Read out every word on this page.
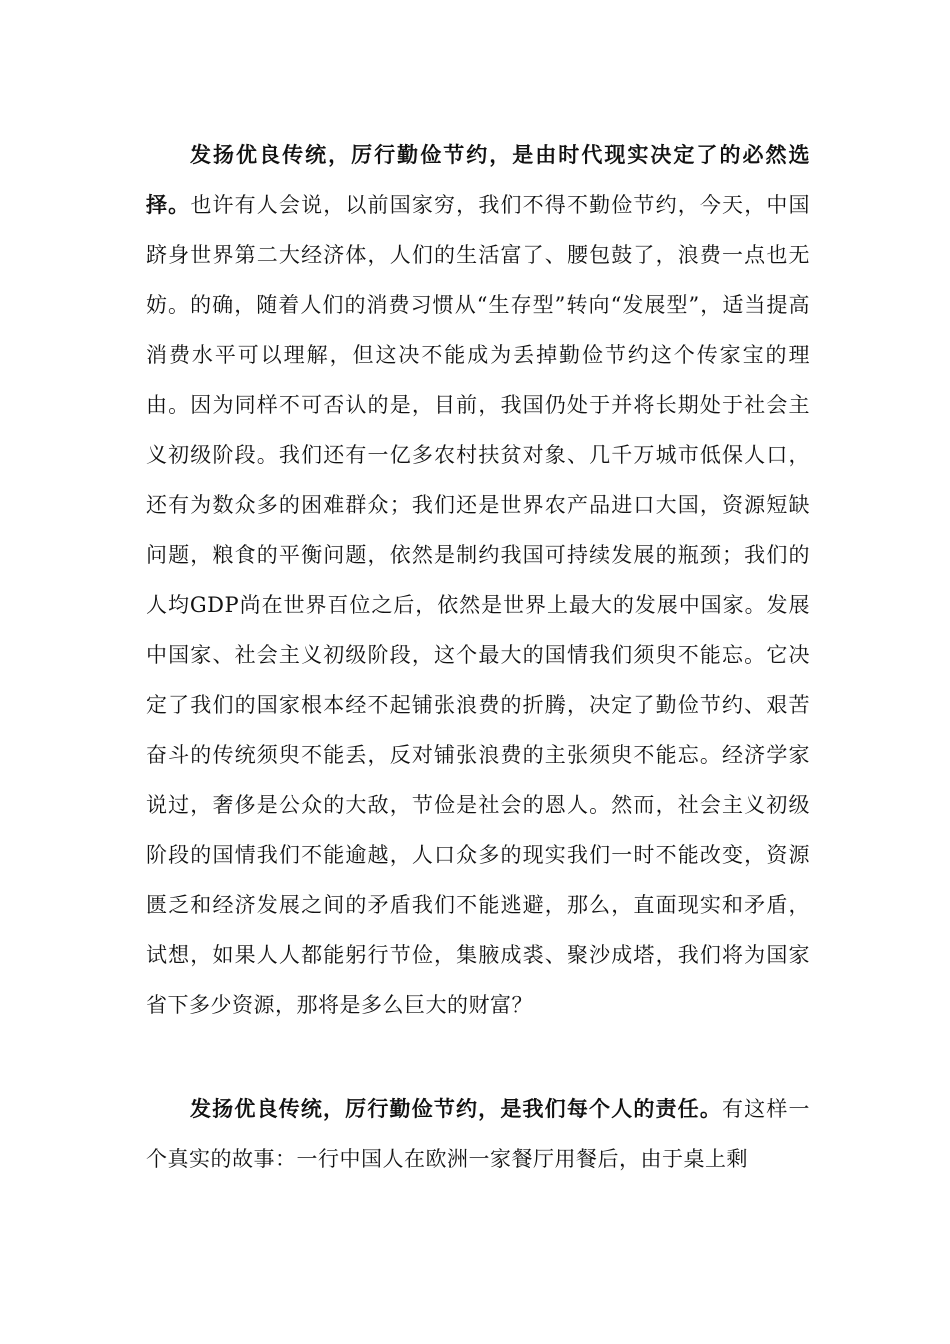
发扬优良传统，厉行勤俭节约，是由时代现实决定了的必然选择。也许有人会说，以前国家穷，我们不得不勤俭节约，今天，中国跻身世界第二大经济体，人们的生活富了、腰包鼓了，浪费一点也无妨。的确，随着人们的消费习惯从“生存型”转向“发展型”，适当提高消费水平可以理解，但这决不能成为丢掉勤俭节约这个传家宝的理由。因为同样不可否认的是，目前，我国仍处于并将长期处于社会主义初级阶段。我们还有一亿多农村扶贫对象、几千万城市低保人口，还有为数众多的困难群众；我们还是世界农产品进口大国，资源短缺问题，粮食的平衡问题，依然是制约我国可持续发展的瓶颈；我们的人均GDP尚在世界百位之后，依然是世界上最大的发展中国家。发展中国家、社会主义初级阶段，这个最大的国情我们须臾不能忘。它决定了我们的国家根本经不起铺张浪费的折腾，决定了勤俭节约、艰苦奋斗的传统须臾不能丢，反对铺张浪费的主张须臾不能忘。经济学家说过，奢侈是公众的大敌，节俭是社会的恩人。然而，社会主义初级阶段的国情我们不能逾越，人口众多的现实我们一时不能改变，资源匮乏和经济发展之间的矛盾我们不能逃避，那么，直面现实和矛盾，试想，如果人人都能躬行节俭，集腋成裘、聚沙成塔，我们将为国家省下多少资源，那将是多么巨大的财富？

发扬优良传统，厉行勤俭节约，是我们每个人的责任。有这样一个真实的故事：一行中国人在欧洲一家餐厅用餐后，由于桌上剩
